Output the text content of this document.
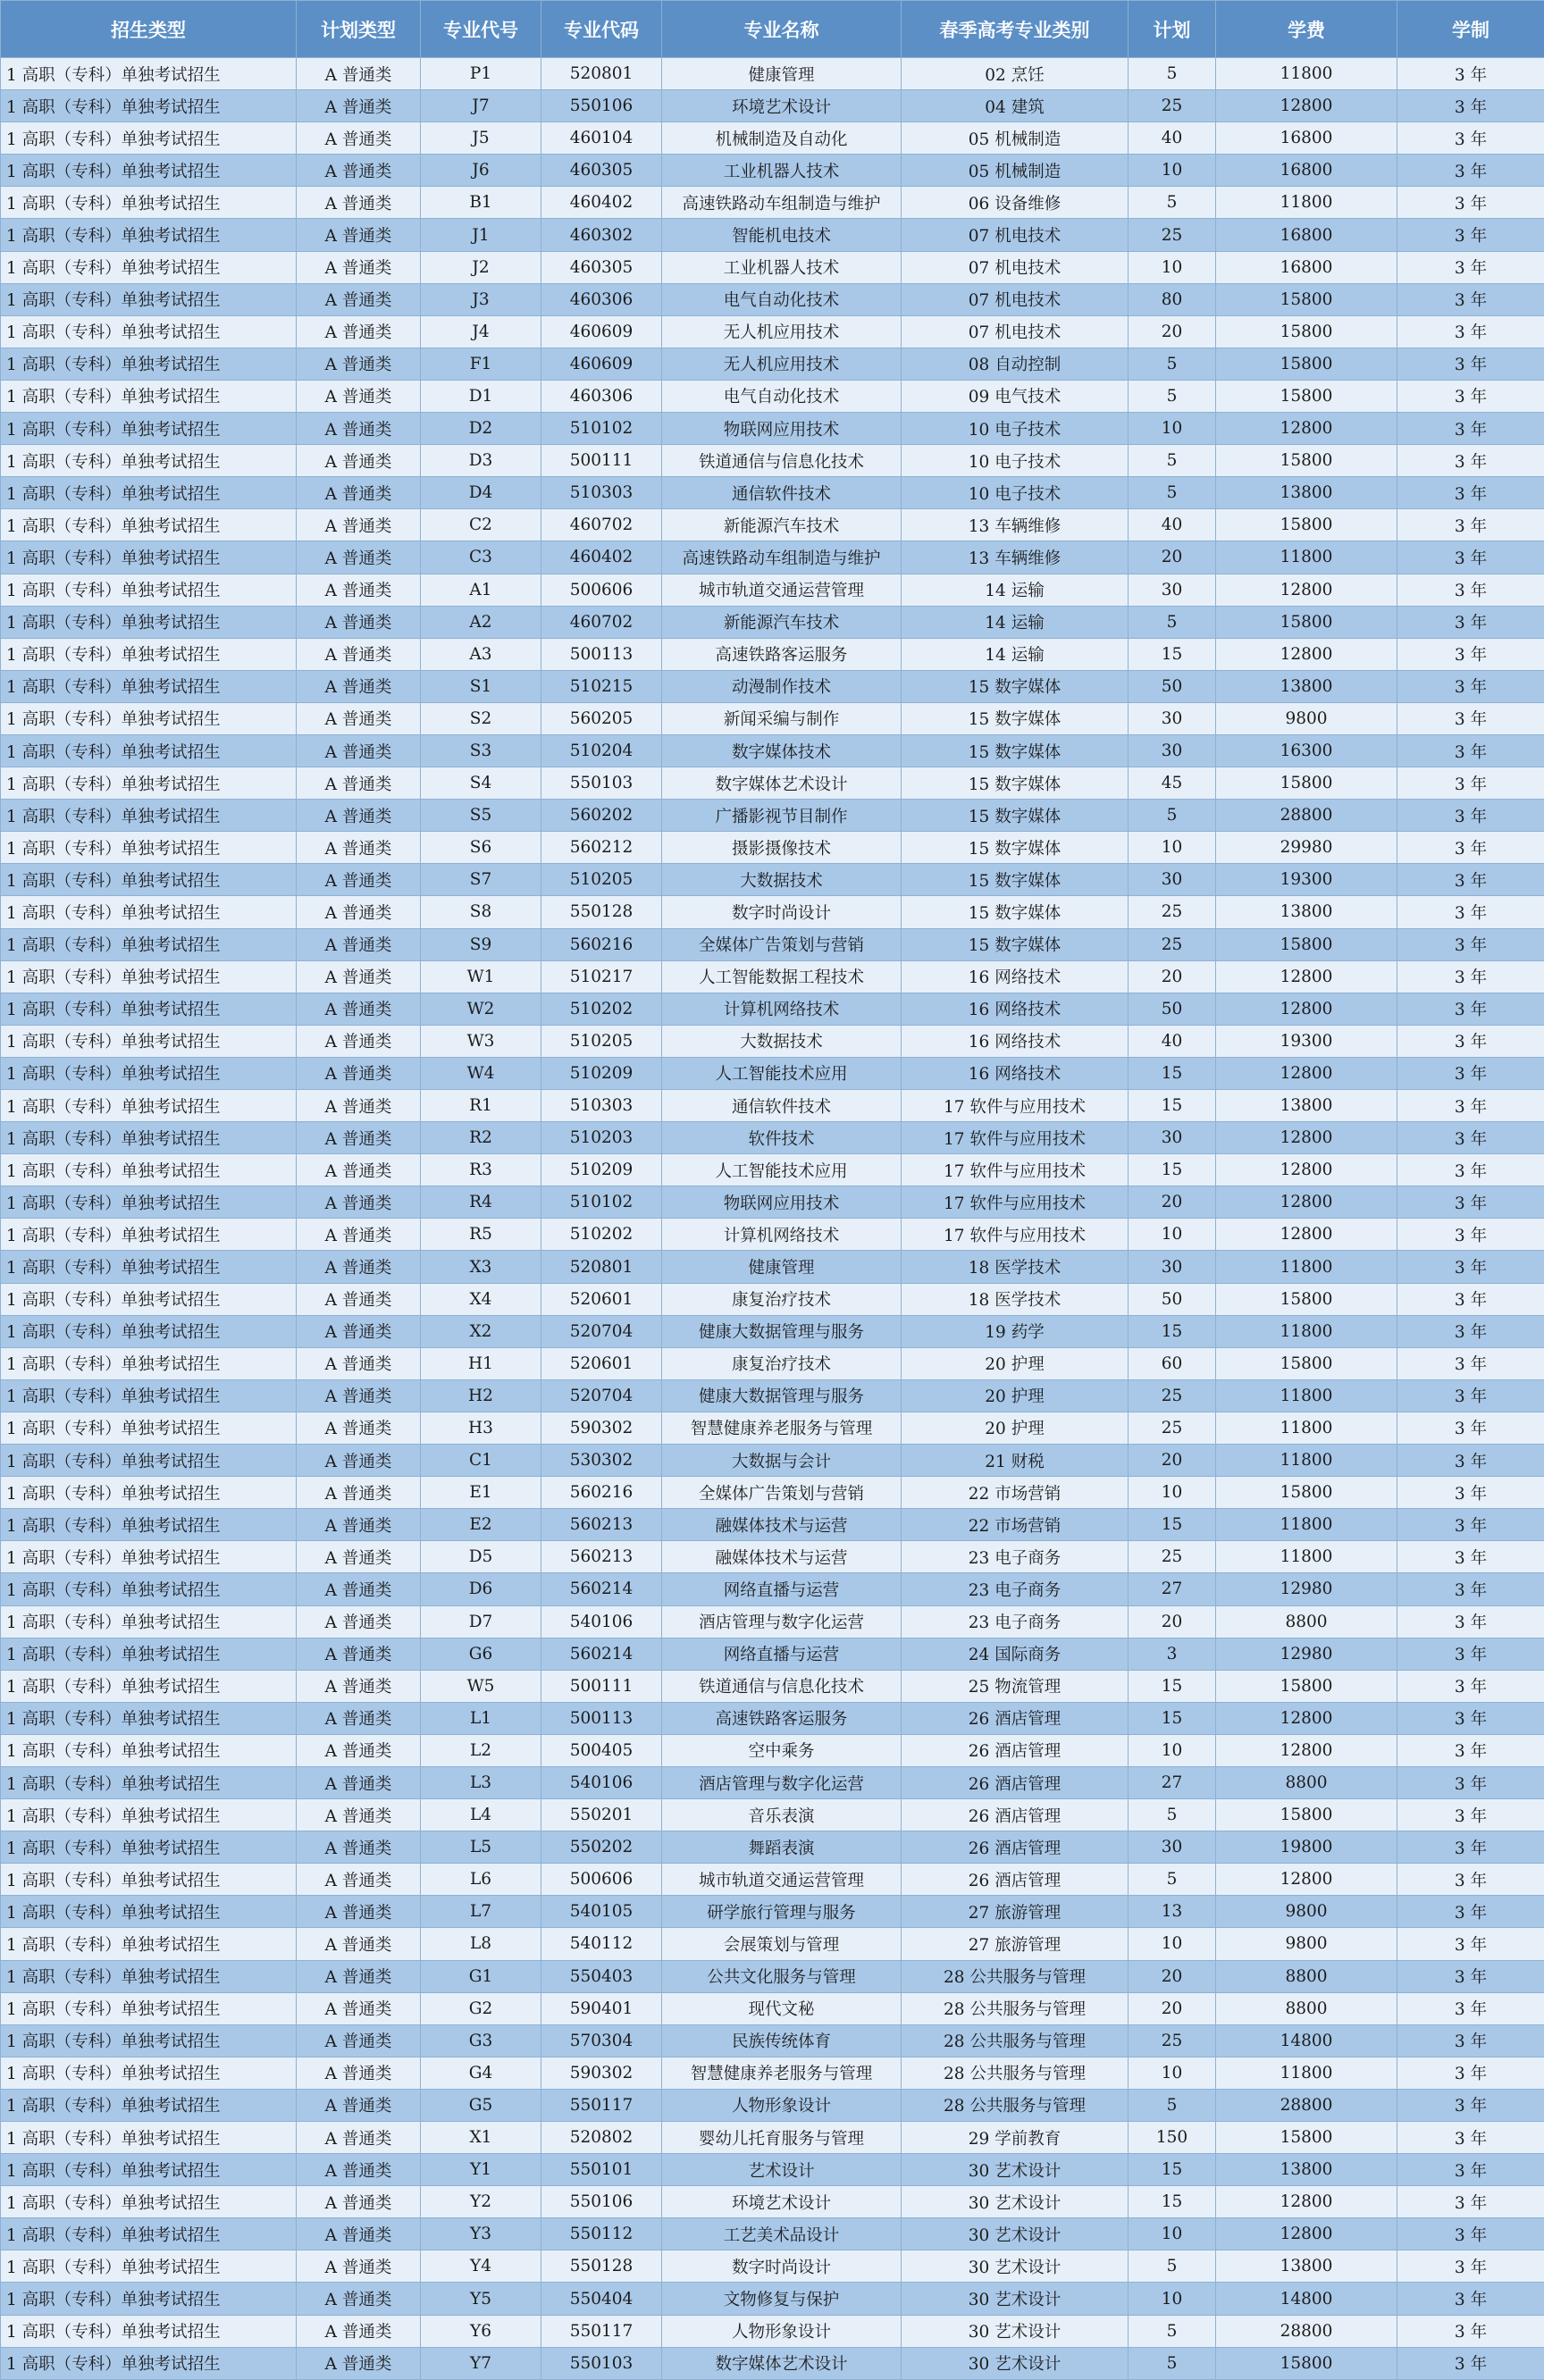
招生类型	计划类型	专业代号	专业代码	专业名称	春季高考专业类别	计划	学费	学制
1 高职（专科）单独考试招生	A 普通类	P1	520801	健康管理	02 烹饪	5	11800	3 年
1 高职（专科）单独考试招生	A 普通类	J7	550106	环境艺术设计	04 建筑	25	12800	3 年
1 高职（专科）单独考试招生	A 普通类	J5	460104	机械制造及自动化	05 机械制造	40	16800	3 年
1 高职（专科）单独考试招生	A 普通类	J6	460305	工业机器人技术	05 机械制造	10	16800	3 年
1 高职（专科）单独考试招生	A 普通类	B1	460402	高速铁路动车组制造与维护	06 设备维修	5	11800	3 年
1 高职（专科）单独考试招生	A 普通类	J1	460302	智能机电技术	07 机电技术	25	16800	3 年
1 高职（专科）单独考试招生	A 普通类	J2	460305	工业机器人技术	07 机电技术	10	16800	3 年
1 高职（专科）单独考试招生	A 普通类	J3	460306	电气自动化技术	07 机电技术	80	15800	3 年
1 高职（专科）单独考试招生	A 普通类	J4	460609	无人机应用技术	07 机电技术	20	15800	3 年
1 高职（专科）单独考试招生	A 普通类	F1	460609	无人机应用技术	08 自动控制	5	15800	3 年
1 高职（专科）单独考试招生	A 普通类	D1	460306	电气自动化技术	09 电气技术	5	15800	3 年
1 高职（专科）单独考试招生	A 普通类	D2	510102	物联网应用技术	10 电子技术	10	12800	3 年
1 高职（专科）单独考试招生	A 普通类	D3	500111	铁道通信与信息化技术	10 电子技术	5	15800	3 年
1 高职（专科）单独考试招生	A 普通类	D4	510303	通信软件技术	10 电子技术	5	13800	3 年
1 高职（专科）单独考试招生	A 普通类	C2	460702	新能源汽车技术	13 车辆维修	40	15800	3 年
1 高职（专科）单独考试招生	A 普通类	C3	460402	高速铁路动车组制造与维护	13 车辆维修	20	11800	3 年
1 高职（专科）单独考试招生	A 普通类	A1	500606	城市轨道交通运营管理	14 运输	30	12800	3 年
1 高职（专科）单独考试招生	A 普通类	A2	460702	新能源汽车技术	14 运输	5	15800	3 年
1 高职（专科）单独考试招生	A 普通类	A3	500113	高速铁路客运服务	14 运输	15	12800	3 年
1 高职（专科）单独考试招生	A 普通类	S1	510215	动漫制作技术	15 数字媒体	50	13800	3 年
1 高职（专科）单独考试招生	A 普通类	S2	560205	新闻采编与制作	15 数字媒体	30	9800	3 年
1 高职（专科）单独考试招生	A 普通类	S3	510204	数字媒体技术	15 数字媒体	30	16300	3 年
1 高职（专科）单独考试招生	A 普通类	S4	550103	数字媒体艺术设计	15 数字媒体	45	15800	3 年
1 高职（专科）单独考试招生	A 普通类	S5	560202	广播影视节目制作	15 数字媒体	5	28800	3 年
1 高职（专科）单独考试招生	A 普通类	S6	560212	摄影摄像技术	15 数字媒体	10	29980	3 年
1 高职（专科）单独考试招生	A 普通类	S7	510205	大数据技术	15 数字媒体	30	19300	3 年
1 高职（专科）单独考试招生	A 普通类	S8	550128	数字时尚设计	15 数字媒体	25	13800	3 年
1 高职（专科）单独考试招生	A 普通类	S9	560216	全媒体广告策划与营销	15 数字媒体	25	15800	3 年
1 高职（专科）单独考试招生	A 普通类	W1	510217	人工智能数据工程技术	16 网络技术	20	12800	3 年
1 高职（专科）单独考试招生	A 普通类	W2	510202	计算机网络技术	16 网络技术	50	12800	3 年
1 高职（专科）单独考试招生	A 普通类	W3	510205	大数据技术	16 网络技术	40	19300	3 年
1 高职（专科）单独考试招生	A 普通类	W4	510209	人工智能技术应用	16 网络技术	15	12800	3 年
1 高职（专科）单独考试招生	A 普通类	R1	510303	通信软件技术	17 软件与应用技术	15	13800	3 年
1 高职（专科）单独考试招生	A 普通类	R2	510203	软件技术	17 软件与应用技术	30	12800	3 年
1 高职（专科）单独考试招生	A 普通类	R3	510209	人工智能技术应用	17 软件与应用技术	15	12800	3 年
1 高职（专科）单独考试招生	A 普通类	R4	510102	物联网应用技术	17 软件与应用技术	20	12800	3 年
1 高职（专科）单独考试招生	A 普通类	R5	510202	计算机网络技术	17 软件与应用技术	10	12800	3 年
1 高职（专科）单独考试招生	A 普通类	X3	520801	健康管理	18 医学技术	30	11800	3 年
1 高职（专科）单独考试招生	A 普通类	X4	520601	康复治疗技术	18 医学技术	50	15800	3 年
1 高职（专科）单独考试招生	A 普通类	X2	520704	健康大数据管理与服务	19 药学	15	11800	3 年
1 高职（专科）单独考试招生	A 普通类	H1	520601	康复治疗技术	20 护理	60	15800	3 年
1 高职（专科）单独考试招生	A 普通类	H2	520704	健康大数据管理与服务	20 护理	25	11800	3 年
1 高职（专科）单独考试招生	A 普通类	H3	590302	智慧健康养老服务与管理	20 护理	25	11800	3 年
1 高职（专科）单独考试招生	A 普通类	C1	530302	大数据与会计	21 财税	20	11800	3 年
1 高职（专科）单独考试招生	A 普通类	E1	560216	全媒体广告策划与营销	22 市场营销	10	15800	3 年
1 高职（专科）单独考试招生	A 普通类	E2	560213	融媒体技术与运营	22 市场营销	15	11800	3 年
1 高职（专科）单独考试招生	A 普通类	D5	560213	融媒体技术与运营	23 电子商务	25	11800	3 年
1 高职（专科）单独考试招生	A 普通类	D6	560214	网络直播与运营	23 电子商务	27	12980	3 年
1 高职（专科）单独考试招生	A 普通类	D7	540106	酒店管理与数字化运营	23 电子商务	20	8800	3 年
1 高职（专科）单独考试招生	A 普通类	G6	560214	网络直播与运营	24 国际商务	3	12980	3 年
1 高职（专科）单独考试招生	A 普通类	W5	500111	铁道通信与信息化技术	25 物流管理	15	15800	3 年
1 高职（专科）单独考试招生	A 普通类	L1	500113	高速铁路客运服务	26 酒店管理	15	12800	3 年
1 高职（专科）单独考试招生	A 普通类	L2	500405	空中乘务	26 酒店管理	10	12800	3 年
1 高职（专科）单独考试招生	A 普通类	L3	540106	酒店管理与数字化运营	26 酒店管理	27	8800	3 年
1 高职（专科）单独考试招生	A 普通类	L4	550201	音乐表演	26 酒店管理	5	15800	3 年
1 高职（专科）单独考试招生	A 普通类	L5	550202	舞蹈表演	26 酒店管理	30	19800	3 年
1 高职（专科）单独考试招生	A 普通类	L6	500606	城市轨道交通运营管理	26 酒店管理	5	12800	3 年
1 高职（专科）单独考试招生	A 普通类	L7	540105	研学旅行管理与服务	27 旅游管理	13	9800	3 年
1 高职（专科）单独考试招生	A 普通类	L8	540112	会展策划与管理	27 旅游管理	10	9800	3 年
1 高职（专科）单独考试招生	A 普通类	G1	550403	公共文化服务与管理	28 公共服务与管理	20	8800	3 年
1 高职（专科）单独考试招生	A 普通类	G2	590401	现代文秘	28 公共服务与管理	20	8800	3 年
1 高职（专科）单独考试招生	A 普通类	G3	570304	民族传统体育	28 公共服务与管理	25	14800	3 年
1 高职（专科）单独考试招生	A 普通类	G4	590302	智慧健康养老服务与管理	28 公共服务与管理	10	11800	3 年
1 高职（专科）单独考试招生	A 普通类	G5	550117	人物形象设计	28 公共服务与管理	5	28800	3 年
1 高职（专科）单独考试招生	A 普通类	X1	520802	婴幼儿托育服务与管理	29 学前教育	150	15800	3 年
1 高职（专科）单独考试招生	A 普通类	Y1	550101	艺术设计	30 艺术设计	15	13800	3 年
1 高职（专科）单独考试招生	A 普通类	Y2	550106	环境艺术设计	30 艺术设计	15	12800	3 年
1 高职（专科）单独考试招生	A 普通类	Y3	550112	工艺美术品设计	30 艺术设计	10	12800	3 年
1 高职（专科）单独考试招生	A 普通类	Y4	550128	数字时尚设计	30 艺术设计	5	13800	3 年
1 高职（专科）单独考试招生	A 普通类	Y5	550404	文物修复与保护	30 艺术设计	10	14800	3 年
1 高职（专科）单独考试招生	A 普通类	Y6	550117	人物形象设计	30 艺术设计	5	28800	3 年
1 高职（专科）单独考试招生	A 普通类	Y7	550103	数字媒体艺术设计	30 艺术设计	5	15800	3 年
